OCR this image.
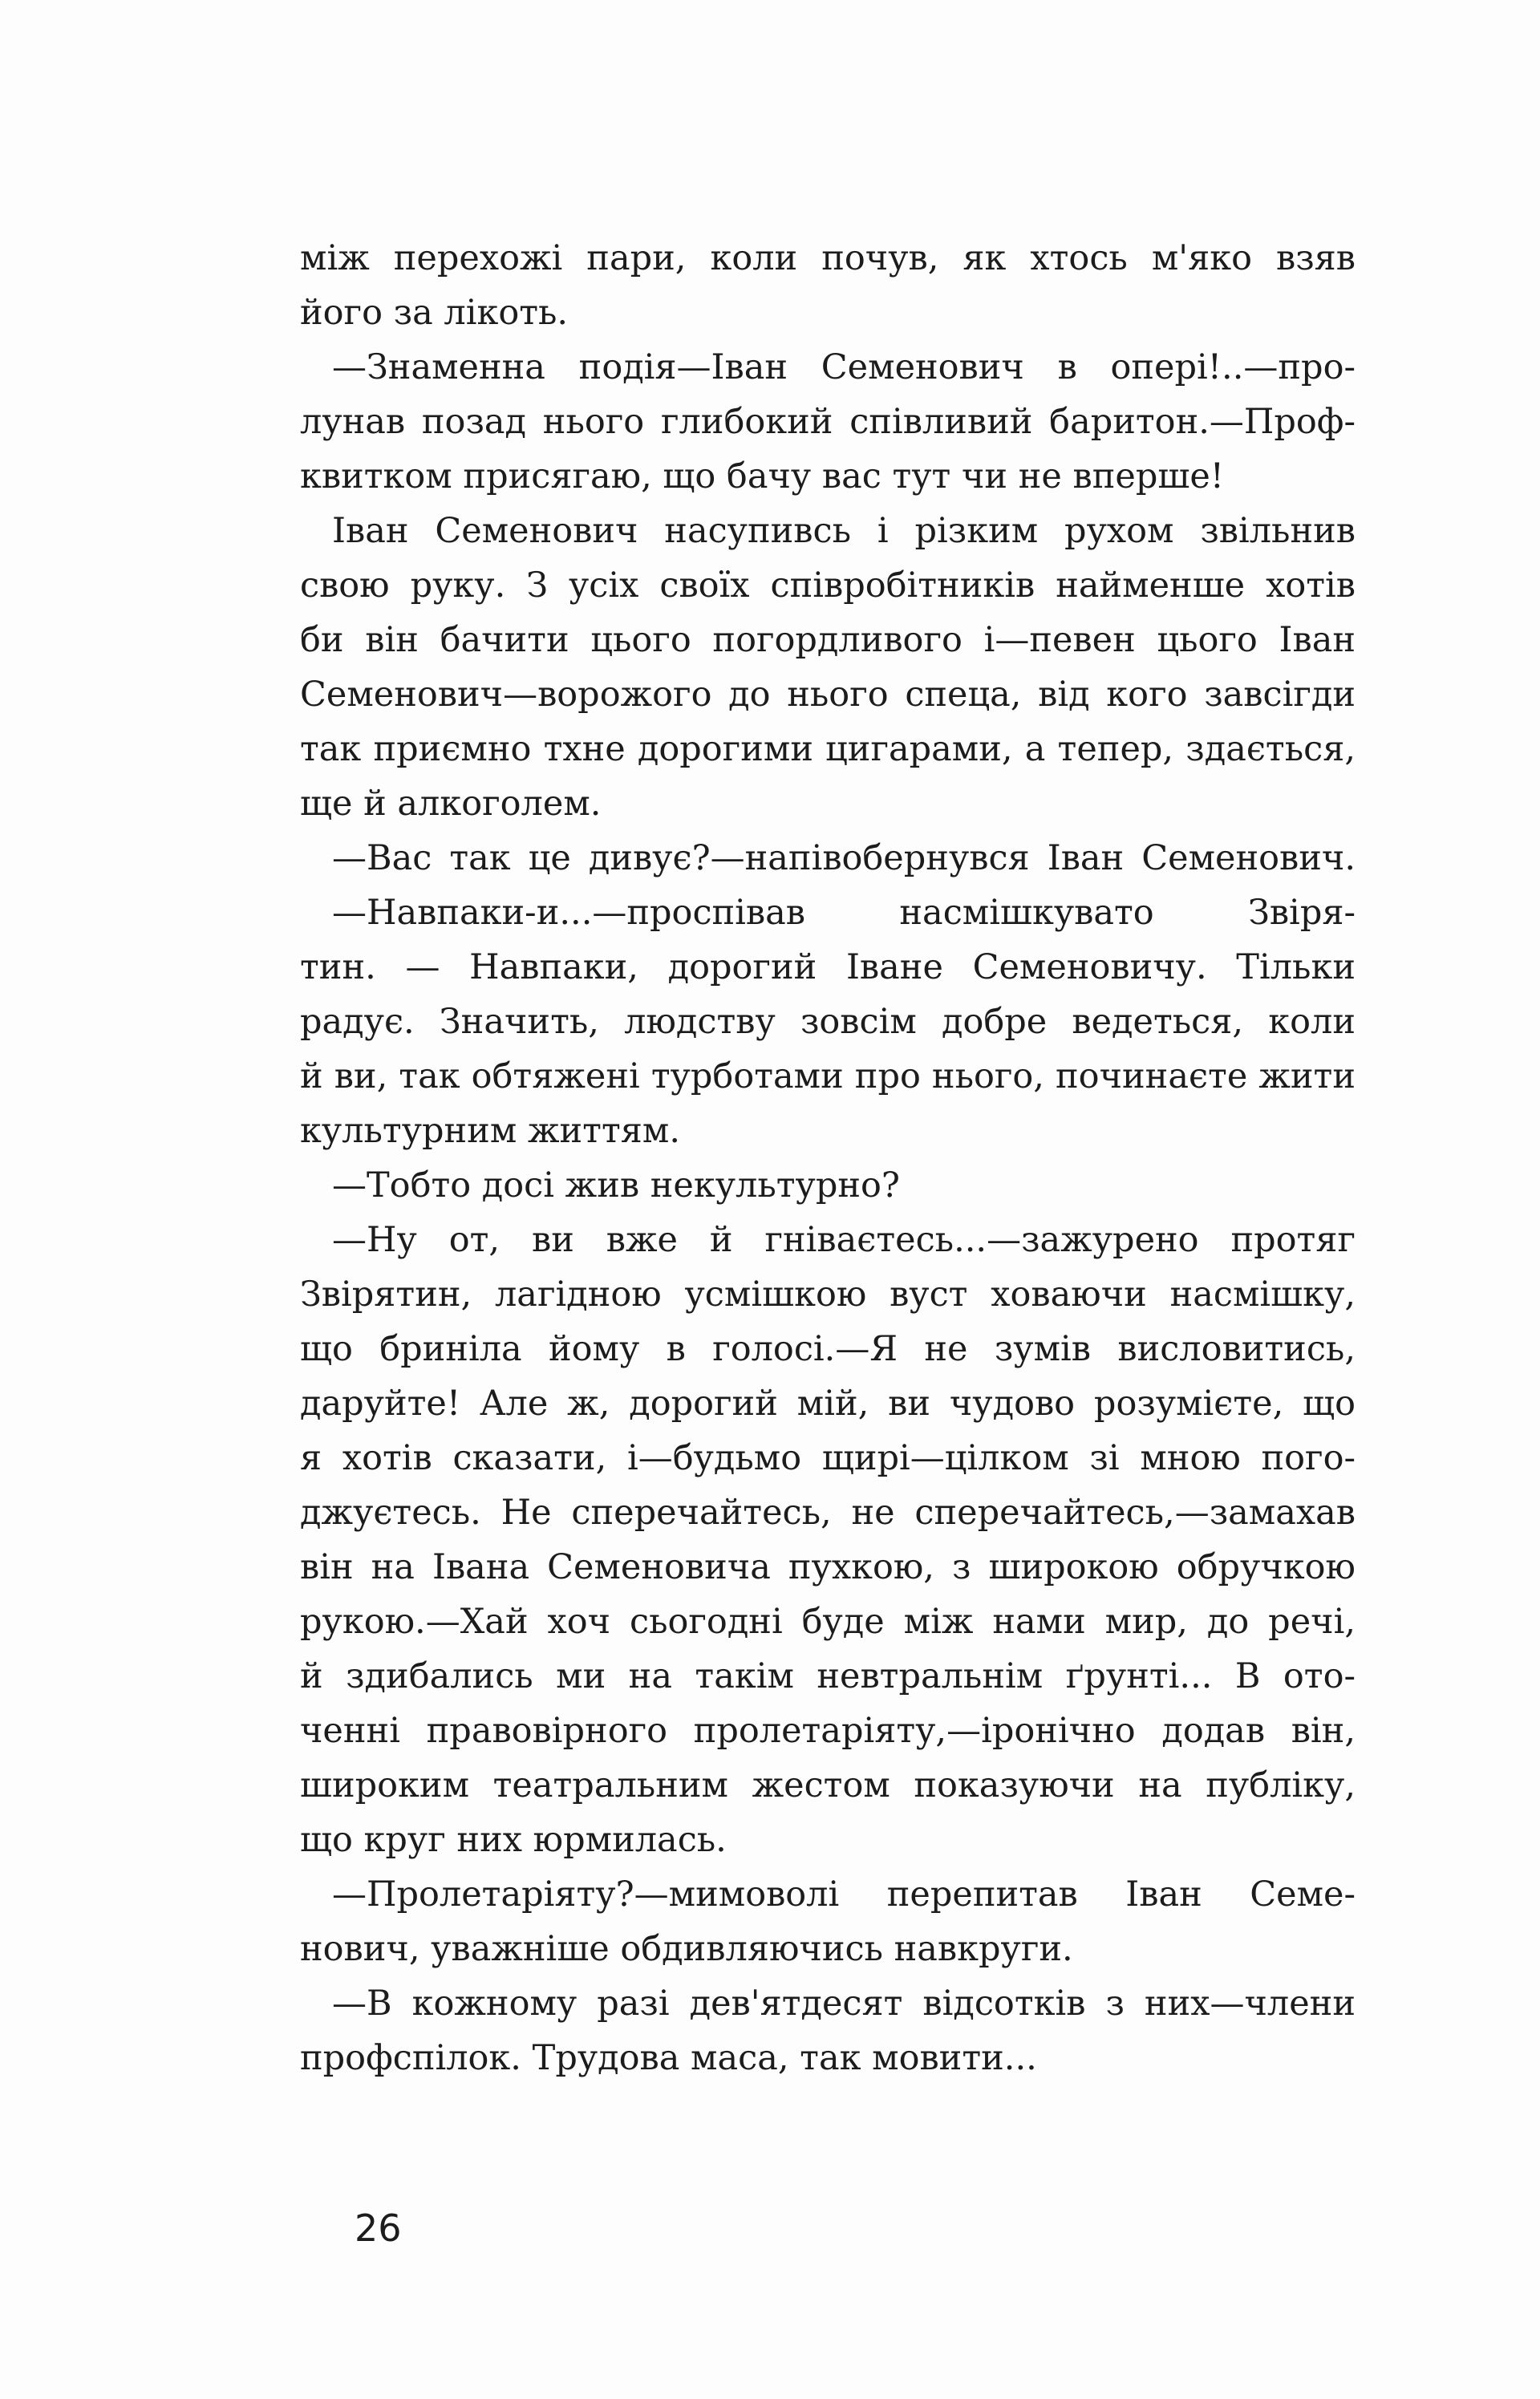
між перехожі пари, коли почув, як хтось м'яко взяв
його за лікоть.
—Знаменна подія—Іван Семенович в опері!..—про-
лунав позад нього глибокий співливий баритон.—Проф-
квитком присягаю, що бачу вас тут чи не вперше!
Іван Семенович насупивсь і різким рухом звільнив
свою руку. З усіх своїх співробітників найменше хотів
би він бачити цього погордливого і—певен цього Іван
Семенович—ворожого до нього спеца, від кого завсігди
так приємно тхне дорогими цигарами, а тепер, здається,
ще й алкоголем.
—Вас так це дивує?—напівобернувся Іван Семенович.
—Навпаки-и...—проспівав насмішкувато Звіря-
тин. — Навпаки, дорогий Іване Семеновичу. Тільки
радує. Значить, людству зовсім добре ведеться, коли
й ви, так обтяжені турботами про нього, починаєте жити
культурним життям.
—Тобто досі жив некультурно?
—Ну от, ви вже й гніваєтесь...—зажурено протяг
Звірятин, лагідною усмішкою вуст ховаючи насмішку,
що бриніла йому в голосі.—Я не зумів висловитись,
даруйте! Але ж, дорогий мій, ви чудово розумієте, що
я хотів сказати, і—будьмо щирі—цілком зі мною пого-
джуєтесь. Не сперечайтесь, не сперечайтесь,—замахав
він на Івана Семеновича пухкою, з широкою обручкою
рукою.—Хай хоч сьогодні буде між нами мир, до речі,
й здибались ми на такім невтральнім ґрунті... В ото-
ченні правовірного пролетаріяту,—іронічно додав він,
широким театральним жестом показуючи на публіку,
що круг них юрмилась.
—Пролетаріяту?—мимоволі перепитав Іван Семе-
нович, уважніше обдивляючись навкруги.
—В кожному разі дев'ятдесят відсотків з них—члени
профспілок. Трудова маса, так мовити...
26
